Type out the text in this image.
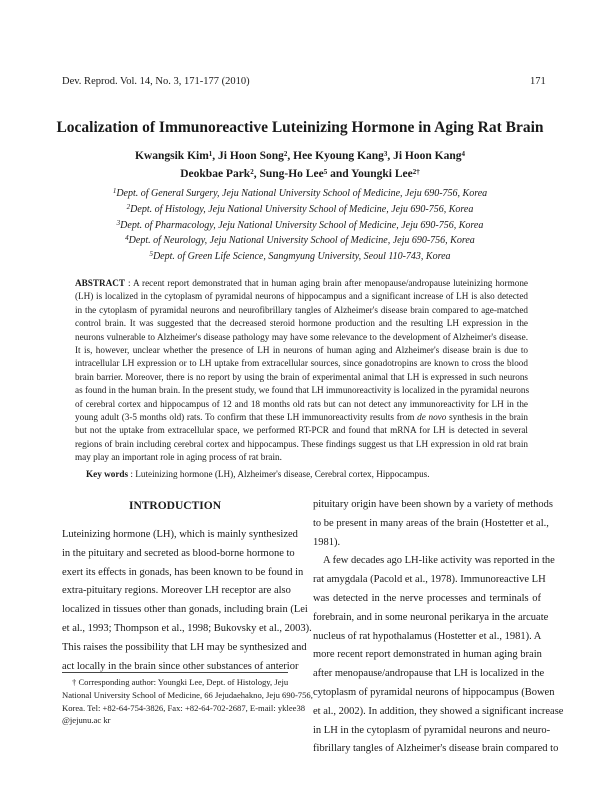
Dev. Reprod. Vol. 14, No. 3, 171-177 (2010)	171
Localization of Immunoreactive Luteinizing Hormone in Aging Rat Brain
Kwangsik Kim$^1$, Ji Hoon Song$^2$, Hee Kyoung Kang$^3$, Ji Hoon Kang$^4$
Deokbae Park$^2$, Sung-Ho Lee$^5$ and Youngki Lee$^{2\dagger}$
$^1$Dept. of General Surgery, Jeju National University School of Medicine, Jeju 690-756, Korea
$^2$Dept. of Histology, Jeju National University School of Medicine, Jeju 690-756, Korea
$^3$Dept. of Pharmacology, Jeju National University School of Medicine, Jeju 690-756, Korea
$^4$Dept. of Neurology, Jeju National University School of Medicine, Jeju 690-756, Korea
$^5$Dept. of Green Life Science, Sangmyung University, Seoul 110-743, Korea
ABSTRACT : A recent report demonstrated that in human aging brain after menopause/andropause luteinizing hormone
(LH) is localized in the cytoplasm of pyramidal neurons of hippocampus and a significant increase of LH is also detected
in the cytoplasm of pyramidal neurons and neurofibrillary tangles of Alzheimer's disease brain compared to age-matched
control brain. It was suggested that the decreased steroid hormone production and the resulting LH expression in the
neurons vulnerable to Alzheimer's disease pathology may have some relevance to the development of Alzheimer's disease.
It is, however, unclear whether the presence of LH in neurons of human aging and Alzheimer's disease brain is due to
intracellular LH expression or to LH uptake from extracellular sources, since gonadotropins are known to cross the blood
brain barrier. Moreover, there is no report by using the brain of experimental animal that LH is expressed in such neurons
as found in the human brain. In the present study, we found that LH immunoreactivity is localized in the pyramidal neurons
of cerebral cortex and hippocampus of 12 and 18 months old rats but can not detect any immunoreactivity for LH in the
young adult (3-5 months old) rats. To confirm that these LH immunoreactivity results from de novo synthesis in the brain
but not the uptake from extracellular space, we performed RT-PCR and found that mRNA for LH is detected in several
regions of brain including cerebral cortex and hippocampus. These findings suggest us that LH expression in old rat brain
may play an important role in aging process of rat brain.
Key words : Luteinizing hormone (LH), Alzheimer's disease, Cerebral cortex, Hippocampus.
INTRODUCTION
Luteinizing hormone (LH), which is mainly synthesized
in the pituitary and secreted as blood-borne hormone to
exert its effects in gonads, has been known to be found in
extra-pituitary regions. Moreover LH receptor are also
localized in tissues other than gonads, including brain (Lei
et al., 1993; Thompson et al., 1998; Bukovsky et al., 2003).
This raises the possibility that LH may be synthesized and
act locally in the brain since other substances of anterior
† Corresponding author: Youngki Lee, Dept. of Histology, Jeju
National University School of Medicine, 66 Jejudaehakno, Jeju 690-756,
Korea. Tel: +82-64-754-3826, Fax: +82-64-702-2687, E-mail: yklee38
@jejunu.ac kr
pituitary origin have been shown by a variety of methods
to be present in many areas of the brain (Hostetter et al.,
1981).
A few decades ago LH-like activity was reported in the
rat amygdala (Pacold et al., 1978). Immunoreactive LH
was detected in the nerve processes and terminals of
forebrain, and in some neuronal perikarya in the arcuate
nucleus of rat hypothalamus (Hostetter et al., 1981). A
more recent report demonstrated in human aging brain
after menopause/andropause that LH is localized in the
cytoplasm of pyramidal neurons of hippocampus (Bowen
et al., 2002). In addition, they showed a significant increase
in LH in the cytoplasm of pyramidal neurons and neuro-
fibrillary tangles of Alzheimer's disease brain compared to
